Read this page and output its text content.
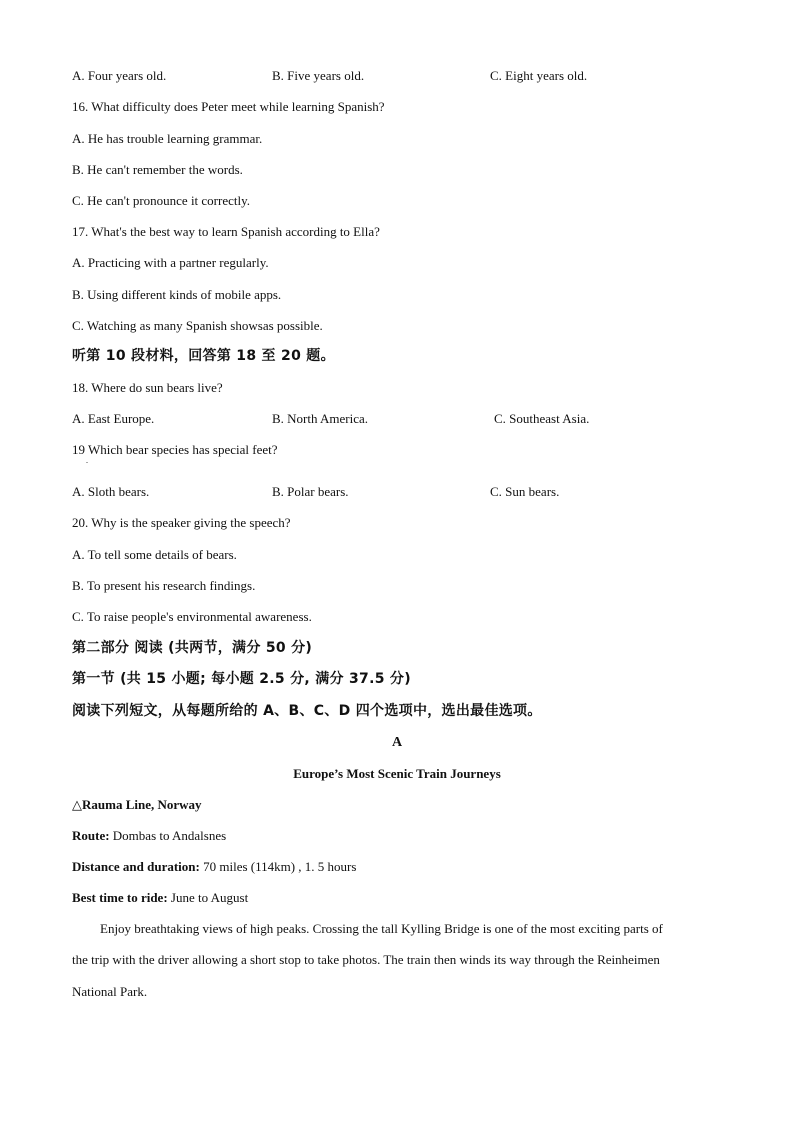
A. Four years old.	B. Five years old.	C. Eight years old.
16. What difficulty does Peter meet while learning Spanish?
A. He has trouble learning grammar.
B. He can't remember the words.
C. He can't pronounce it correctly.
17. What's the best way to learn Spanish according to Ella?
A. Practicing with a partner regularly.
B. Using different kinds of mobile apps.
C. Watching as many Spanish showsas possible.
听第 10 段材料，回答第 18 至 20 题。
18. Where do sun bears live?
A. East Europe.	B. North America.	C. Southeast Asia.
19 Which bear species has special feet?
.
A. Sloth bears.	B. Polar bears.	C. Sun bears.
20. Why is the speaker giving the speech?
A. To tell some details of bears.
B. To present his research findings.
C. To raise people's environmental awareness.
第二部分 阅读 (共两节，满分 50 分)
第一节 (共 15 小题; 每小题 2.5 分, 满分 37.5 分)
阅读下列短文，从每题所给的 A、B、C、D 四个选项中，选出最佳选项。
A
Europe’s Most Scenic Train Journeys
△Rauma Line, Norway
Route: Dombas to Andalsnes
Distance and duration: 70 miles (114km) , 1. 5 hours
Best time to ride: June to August
Enjoy breathtaking views of high peaks. Crossing the tall Kylling Bridge is one of the most exciting parts of
the trip with the driver allowing a short stop to take photos. The train then winds its way through the Reinheimen
National Park.
